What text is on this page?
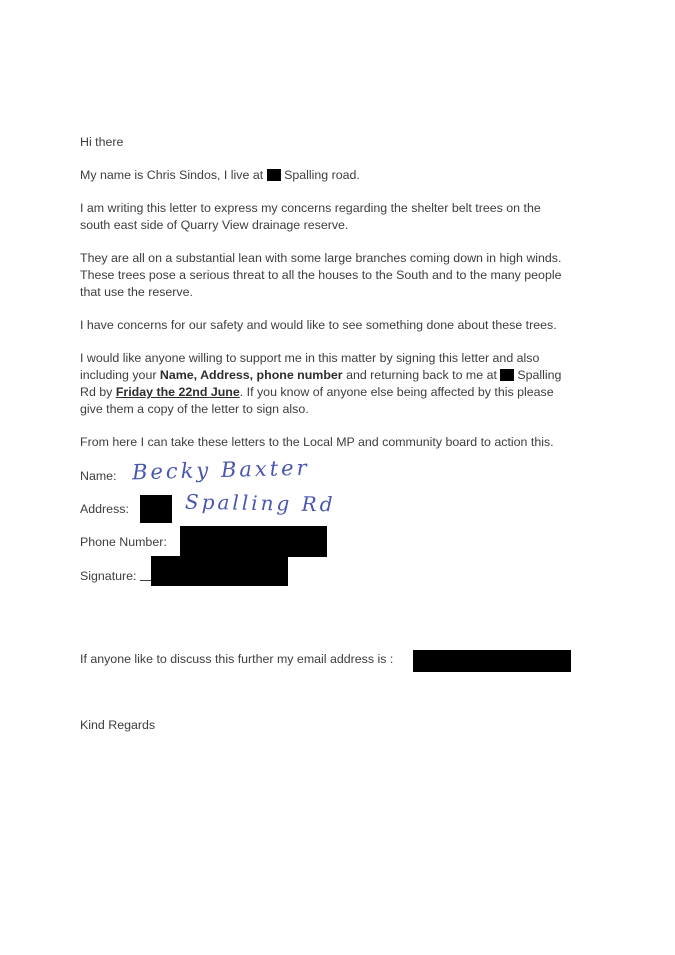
Hi there
My name is Chris Sindos, I live at Spalling road.
I am writing this letter to express my concerns regarding the shelter belt trees on the
south east side of Quarry View drainage reserve.
They are all on a substantial lean with some large branches coming down in high winds.
These trees pose a serious threat to all the houses to the South and to the many people
that use the reserve.
I have concerns for our safety and would like to see something done about these trees.
I would like anyone willing to support me in this matter by signing this letter and also
including your Name, Address, phone number and returning back to me at Spalling
Rd by Friday the 22nd June. If you know of anyone else being affected by this please
give them a copy of the letter to sign also.
From here I can take these letters to the Local MP and community board to action this.
Name: Becky Baxter
Address:	Spalling Rd
Phone Number:
Signature:
If anyone like to discuss this further my email address is :
Kind Regards
